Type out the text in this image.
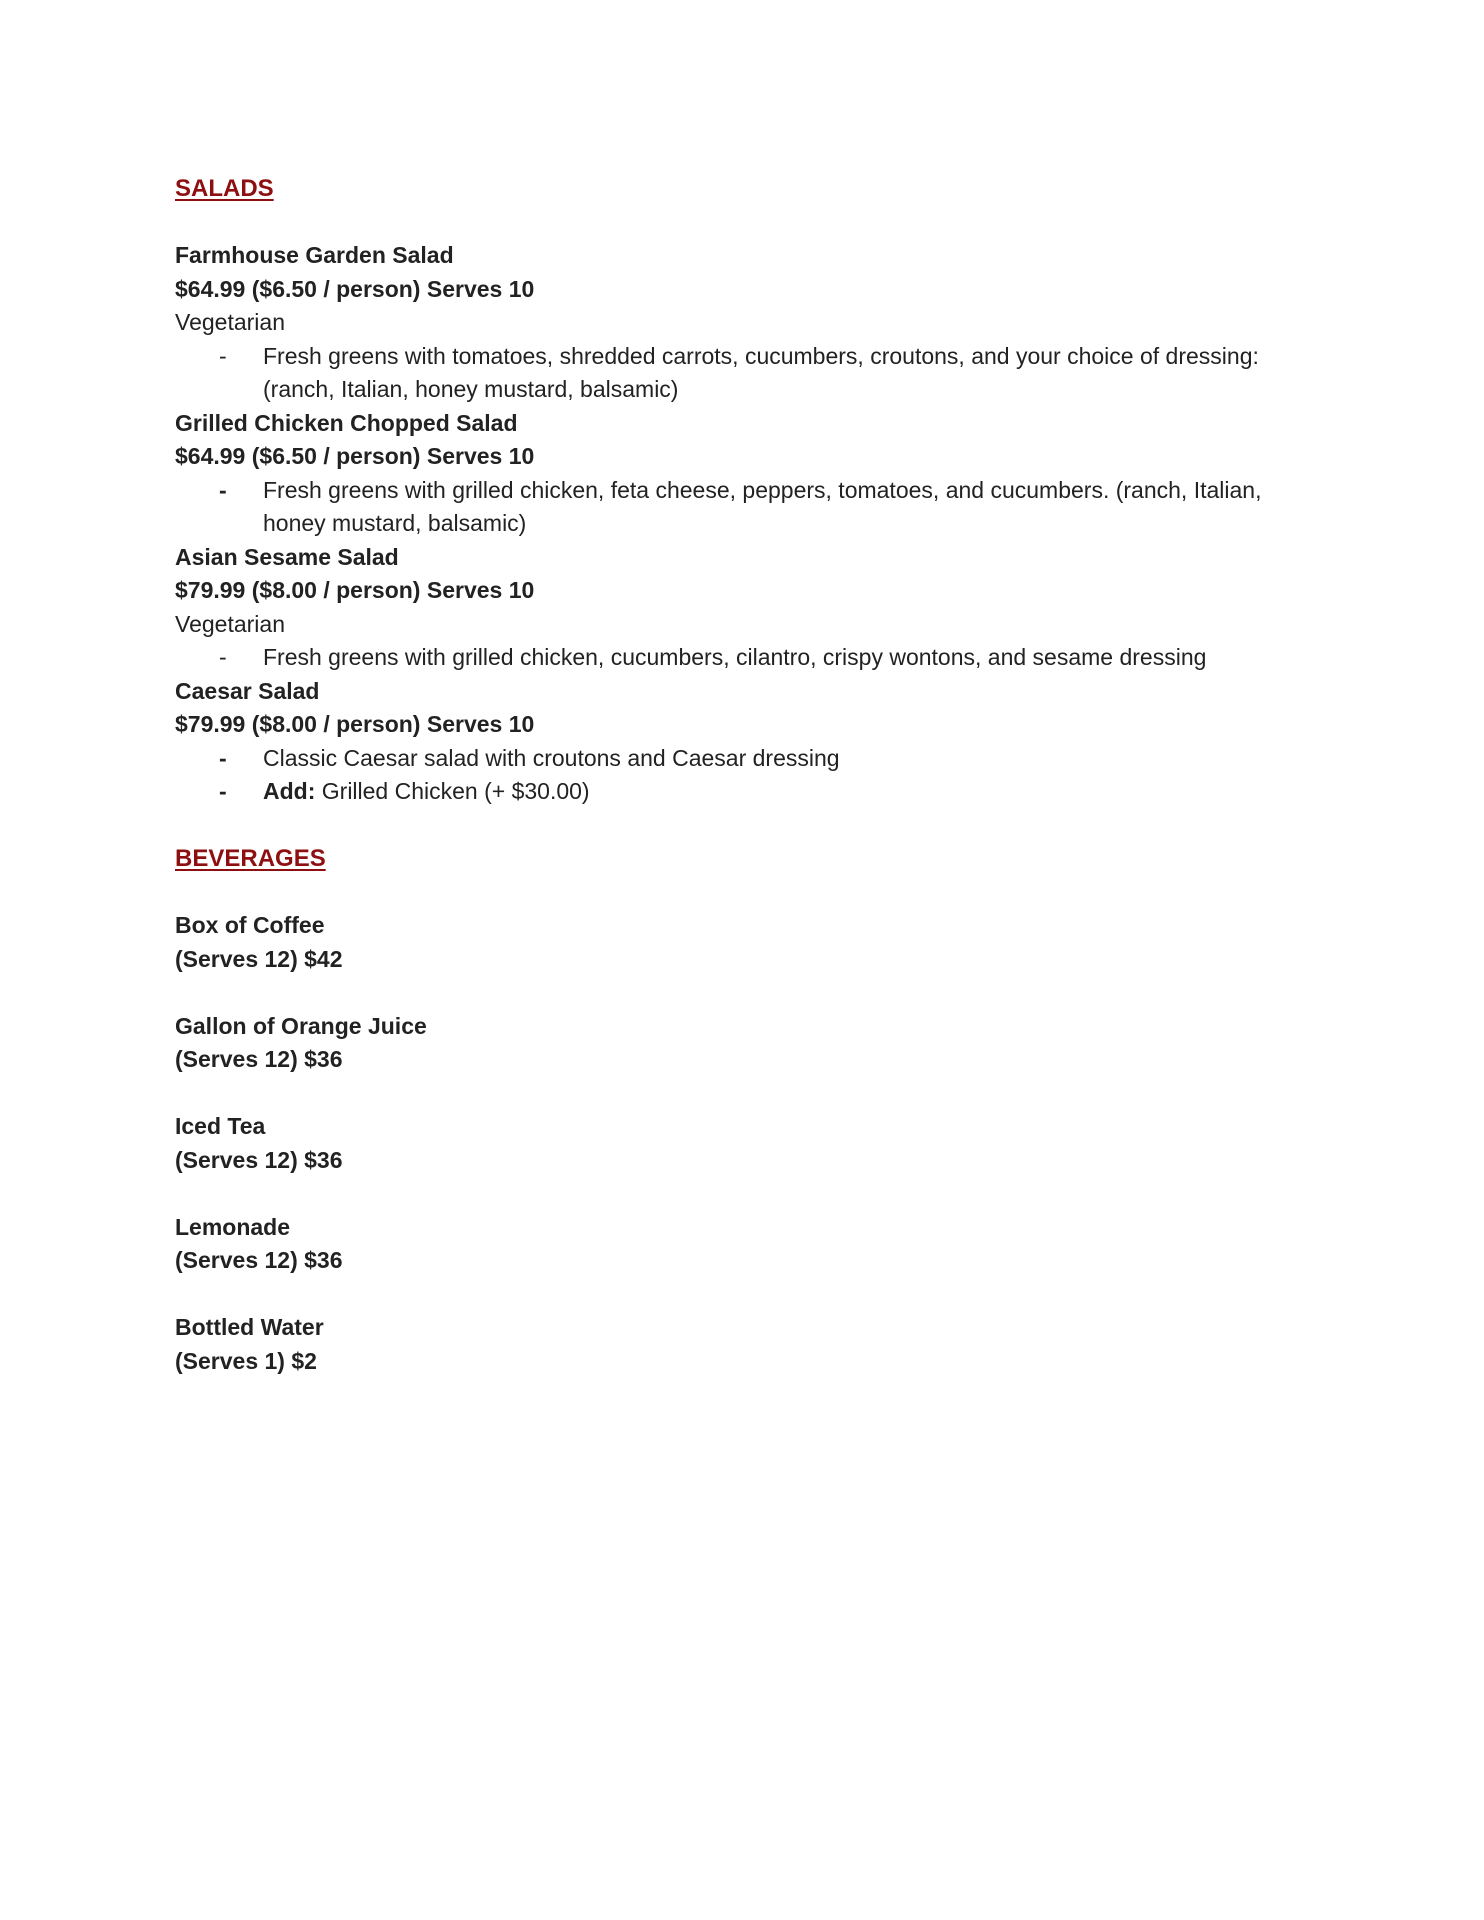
SALADS
Farmhouse Garden Salad
$64.99 ($6.50 / person) Serves 10
Vegetarian
- Fresh greens with tomatoes, shredded carrots, cucumbers, croutons, and your choice of dressing: (ranch, Italian, honey mustard, balsamic)
Grilled Chicken Chopped Salad
$64.99 ($6.50 / person) Serves 10
- Fresh greens with grilled chicken, feta cheese, peppers, tomatoes, and cucumbers. (ranch, Italian, honey mustard, balsamic)
Asian Sesame Salad
$79.99 ($8.00 / person) Serves 10
Vegetarian
- Fresh greens with grilled chicken, cucumbers, cilantro, crispy wontons, and sesame dressing
Caesar Salad
$79.99 ($8.00 / person) Serves 10
- Classic Caesar salad with croutons and Caesar dressing
- Add: Grilled Chicken (+ $30.00)
BEVERAGES
Box of Coffee
(Serves 12) $42
Gallon of Orange Juice
(Serves 12) $36
Iced Tea
(Serves 12) $36
Lemonade
(Serves 12) $36
Bottled Water
(Serves 1) $2
